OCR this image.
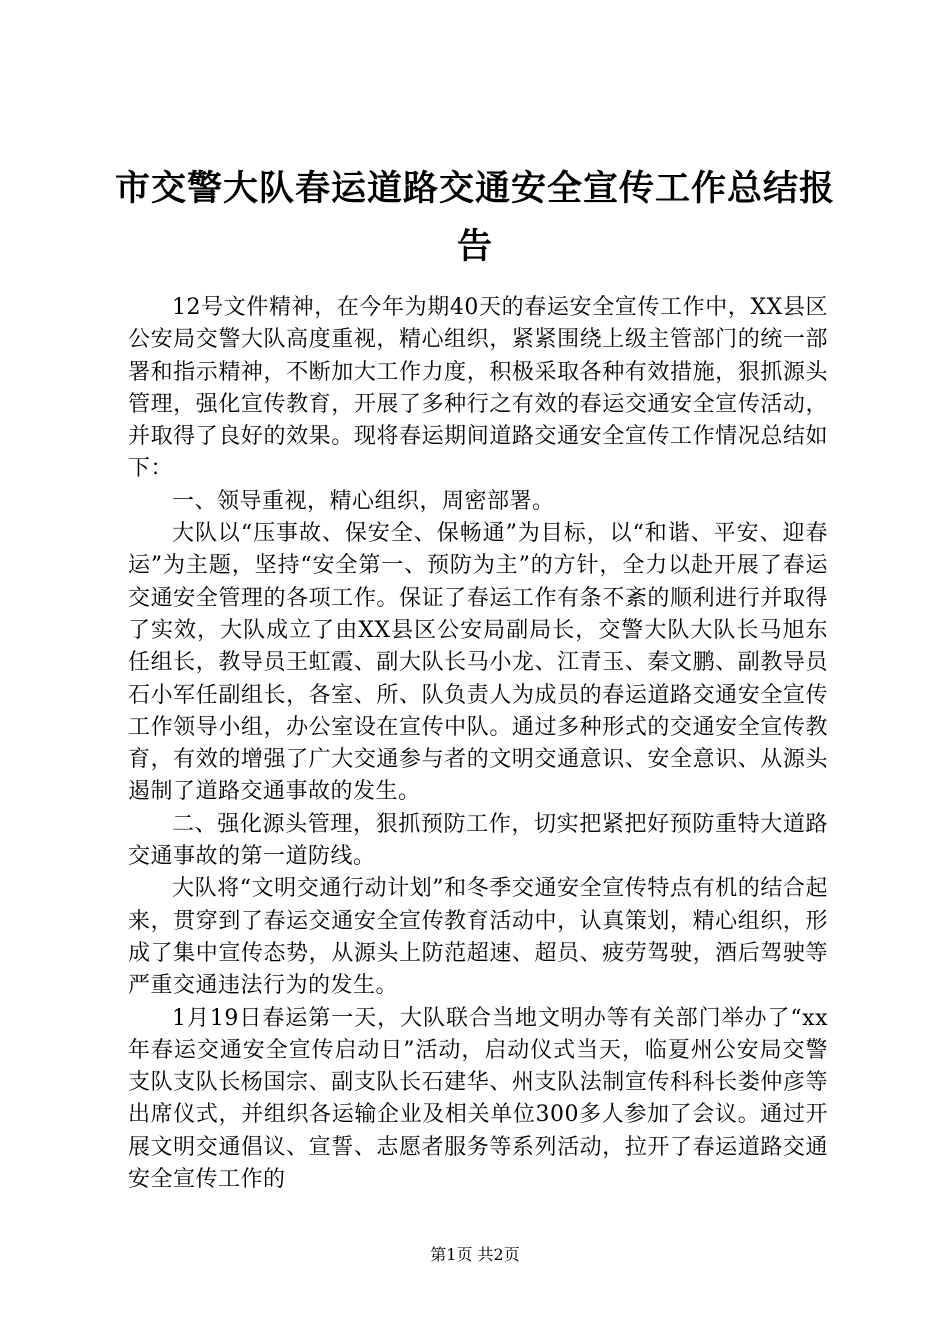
市交警大队春运道路交通安全宣传工作总结报
告

12号文件精神，在今年为期40天的春运安全宣传工作中，XX县区公安局交警大队高度重视，精心组织，紧紧围绕上级主管部门的统一部署和指示精神，不断加大工作力度，积极采取各种有效措施，狠抓源头管理，强化宣传教育，开展了多种行之有效的春运交通安全宣传活动，并取得了良好的效果。现将春运期间道路交通安全宣传工作情况总结如下：

一、领导重视，精心组织，周密部署。

大队以“压事故、保安全、保畅通”为目标，以“和谐、平安、迎春运”为主题，坚持“安全第一、预防为主”的方针，全力以赴开展了春运交通安全管理的各项工作。保证了春运工作有条不紊的顺利进行并取得了实效，大队成立了由XX县区公安局副局长，交警大队大队长马旭东任组长，教导员王虹霞、副大队长马小龙、江青玉、秦文鹏、副教导员石小军任副组长，各室、所、队负责人为成员的春运道路交通安全宣传工作领导小组，办公室设在宣传中队。通过多种形式的交通安全宣传教育，有效的增强了广大交通参与者的文明交通意识、安全意识、从源头遏制了道路交通事故的发生。

二、强化源头管理，狠抓预防工作，切实把紧把好预防重特大道路交通事故的第一道防线。

大队将“文明交通行动计划”和冬季交通安全宣传特点有机的结合起来，贯穿到了春运交通安全宣传教育活动中，认真策划，精心组织，形成了集中宣传态势，从源头上防范超速、超员、疲劳驾驶，酒后驾驶等严重交通违法行为的发生。

1月19日春运第一天，大队联合当地文明办等有关部门举办了“xx年春运交通安全宣传启动日”活动，启动仪式当天，临夏州公安局交警支队支队长杨国宗、副支队长石建华、州支队法制宣传科科长娄仲彦等出席仪式，并组织各运输企业及相关单位300多人参加了会议。通过开展文明交通倡议、宣誓、志愿者服务等系列活动，拉开了春运道路交通安全宣传工作的

第1页 共2页
